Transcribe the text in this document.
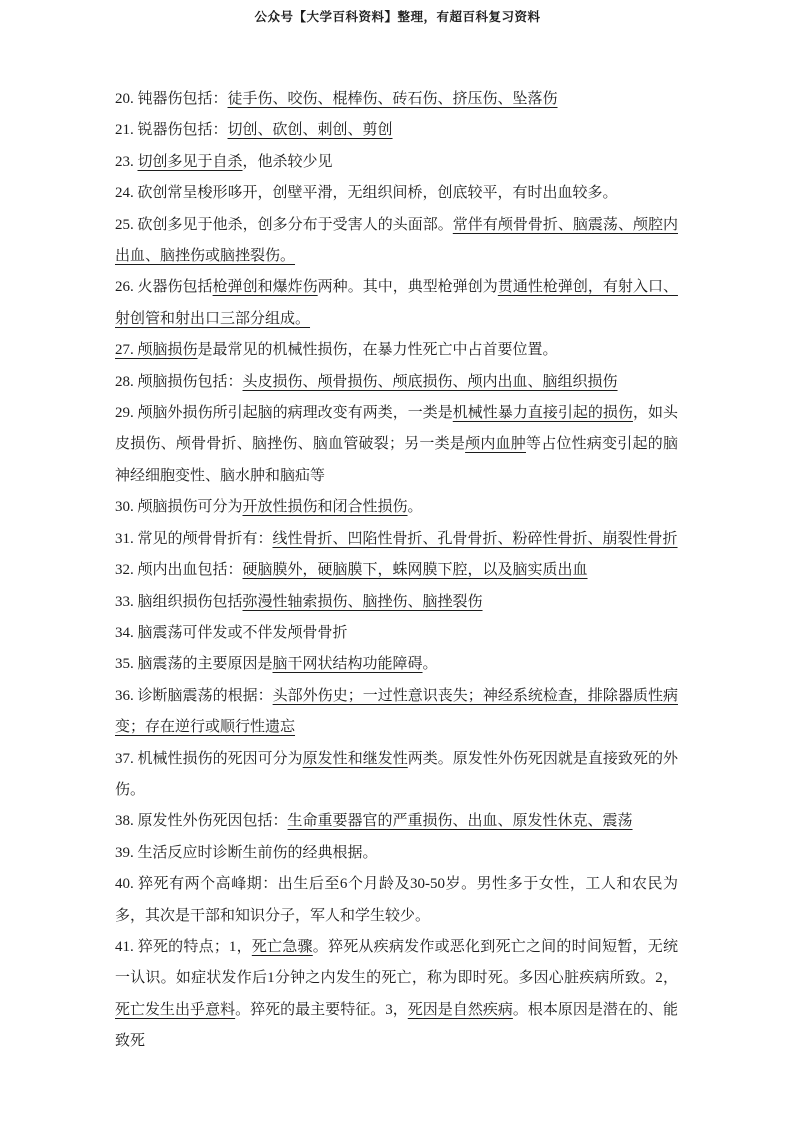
公众号【大学百科资料】整理，有超百科复习资料

20. 钝器伤包括：徒手伤、咬伤、棍棒伤、砖石伤、挤压伤、坠落伤

21. 锐器伤包括：切创、砍创、刺创、剪创

23. 切创多见于自杀，他杀较少见

24. 砍创常呈梭形哆开，创壁平滑，无组织间桥，创底较平，有时出血较多。

25. 砍创多见于他杀，创多分布于受害人的头面部。常伴有颅骨骨折、脑震荡、颅腔内出血、脑挫伤或脑挫裂伤。

26. 火器伤包括枪弹创和爆炸伤两种。其中，典型枪弹创为贯通性枪弹创，有射入口、射创管和射出口三部分组成。

27. 颅脑损伤是最常见的机械性损伤，在暴力性死亡中占首要位置。

28. 颅脑损伤包括：头皮损伤、颅骨损伤、颅底损伤、颅内出血、脑组织损伤

29. 颅脑外损伤所引起脑的病理改变有两类，一类是机械性暴力直接引起的损伤，如头皮损伤、颅骨骨折、脑挫伤、脑血管破裂；另一类是颅内血肿等占位性病变引起的脑神经细胞变性、脑水肿和脑疝等

30. 颅脑损伤可分为开放性损伤和闭合性损伤。

31. 常见的颅骨骨折有：线性骨折、凹陷性骨折、孔骨骨折、粉碎性骨折、崩裂性骨折

32. 颅内出血包括：硬脑膜外，硬脑膜下，蛛网膜下腔，以及脑实质出血

33. 脑组织损伤包括弥漫性轴索损伤、脑挫伤、脑挫裂伤

34. 脑震荡可伴发或不伴发颅骨骨折

35. 脑震荡的主要原因是脑干网状结构功能障碍。

36. 诊断脑震荡的根据：头部外伤史；一过性意识丧失；神经系统检查，排除器质性病变；存在逆行或顺行性遗忘

37. 机械性损伤的死因可分为原发性和继发性两类。原发性外伤死因就是直接致死的外伤。

38. 原发性外伤死因包括：生命重要器官的严重损伤、出血、原发性休克、震荡

39. 生活反应时诊断生前伤的经典根据。

40. 猝死有两个高峰期：出生后至6个月龄及30-50岁。男性多于女性，工人和农民为多，其次是干部和知识分子，军人和学生较少。

41. 猝死的特点；1，死亡急骤。猝死从疾病发作或恶化到死亡之间的时间短暂，无统一认识。如症状发作后1分钟之内发生的死亡，称为即时死。多因心脏疾病所致。2，死亡发生出乎意料。猝死的最主要特征。3，死因是自然疾病。根本原因是潜在的、能致死
